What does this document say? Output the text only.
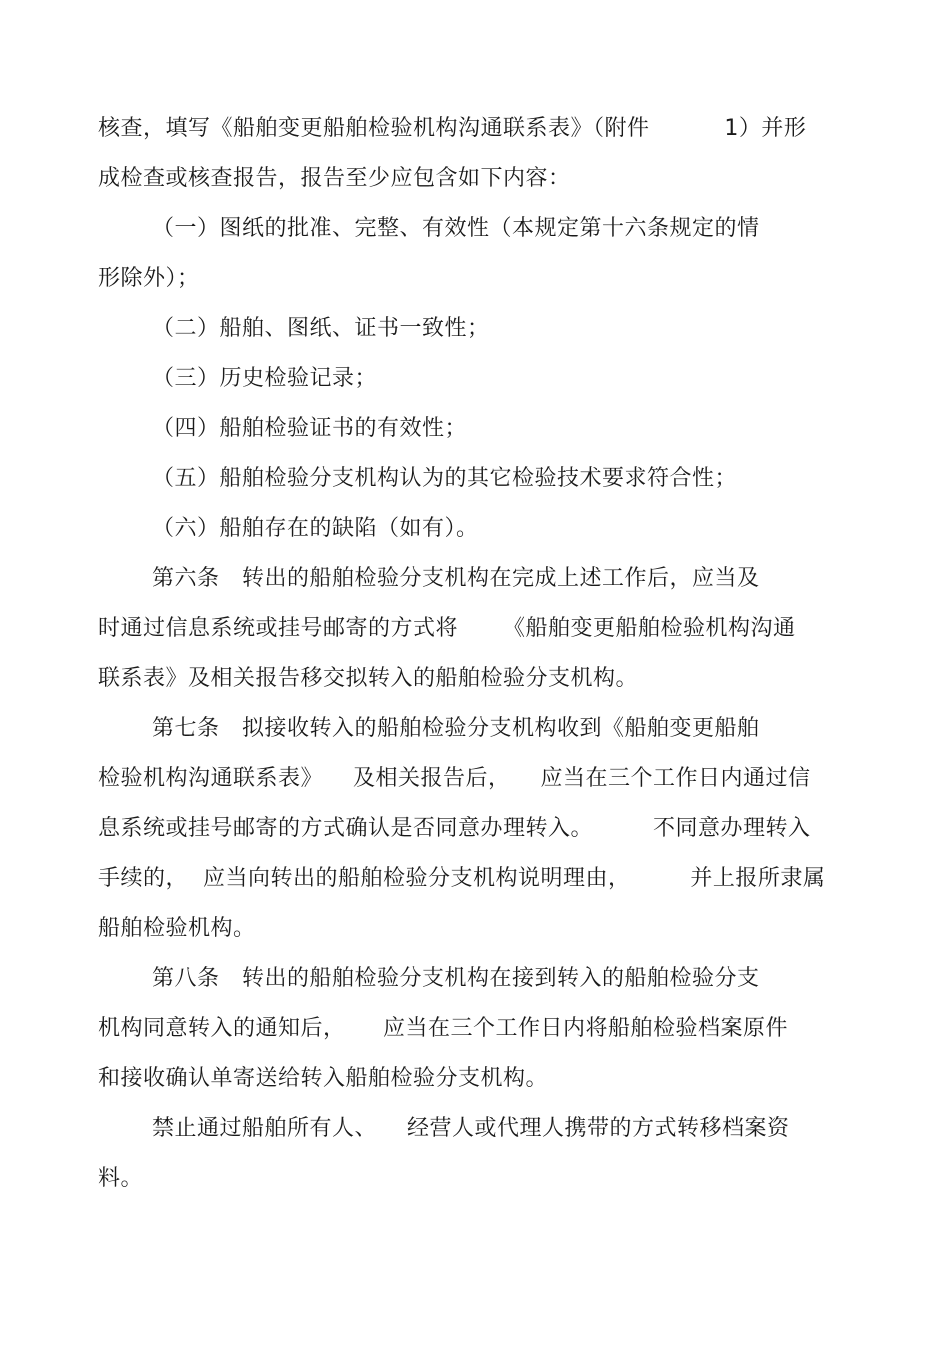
核查，填写《船舶变更船舶检验机构沟通联系表》（附件          1）并形
成检查或核查报告，报告至少应包含如下内容：
（一）图纸的批准、完整、有效性（本规定第十六条规定的情
形除外）；
（二）船舶、图纸、证书一致性；
（三）历史检验记录；
（四）船舶检验证书的有效性；
（五）船舶检验分支机构认为的其它检验技术要求符合性；
（六）船舶存在的缺陷（如有）。
第六条   转出的船舶检验分支机构在完成上述工作后，应当及
时通过信息系统或挂号邮寄的方式将      《船舶变更船舶检验机构沟通
联系表》及相关报告移交拟转入的船舶检验分支机构。
第七条   拟接收转入的船舶检验分支机构收到《船舶变更船舶
检验机构沟通联系表》    及相关报告后，    应当在三个工作日内通过信
息系统或挂号邮寄的方式确认是否同意办理转入。        不同意办理转入
手续的，  应当向转出的船舶检验分支机构说明理由，        并上报所隶属
船舶检验机构。
第八条   转出的船舶检验分支机构在接到转入的船舶检验分支
机构同意转入的通知后，     应当在三个工作日内将船舶检验档案原件
和接收确认单寄送给转入船舶检验分支机构。
禁止通过船舶所有人、    经营人或代理人携带的方式转移档案资
料。
